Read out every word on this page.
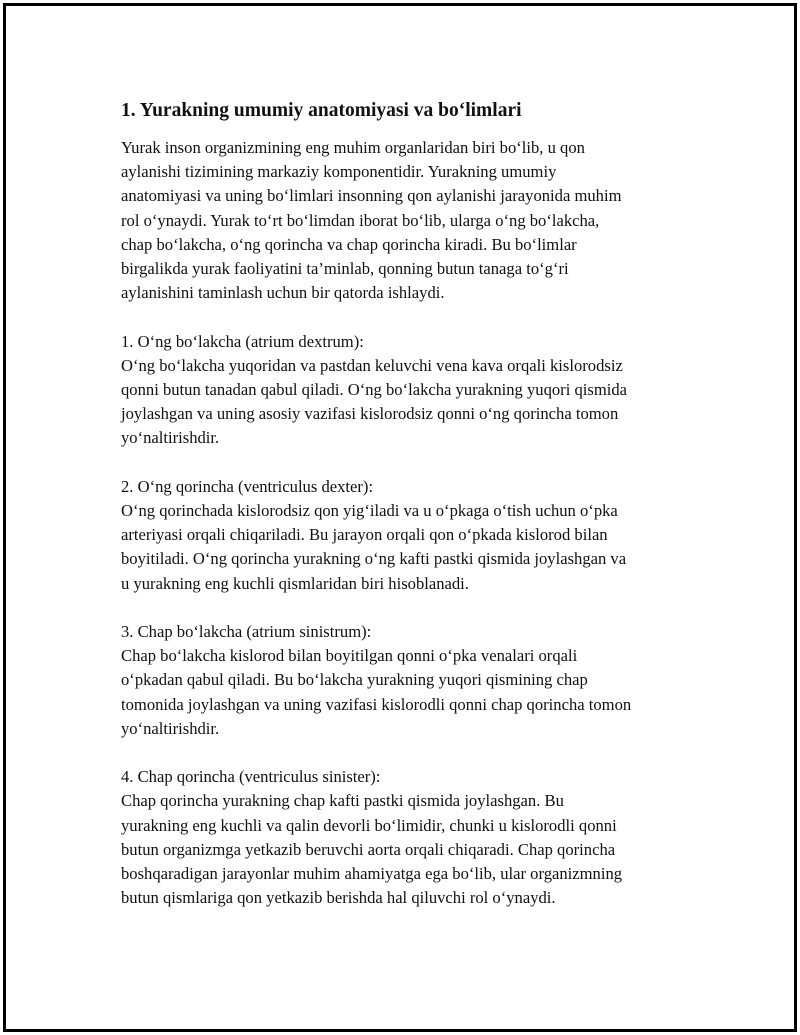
1. Yurakning umumiy anatomiyasi va bo‘limlari

Yurak inson organizmining eng muhim organlaridan biri bo‘lib, u qon
aylanishi tizimining markaziy komponentidir. Yurakning umumiy
anatomiyasi va uning bo‘limlari insonning qon aylanishi jarayonida muhim
rol o‘ynaydi. Yurak to‘rt bo‘limdan iborat bo‘lib, ularga o‘ng bo‘lakcha,
chap bo‘lakcha, o‘ng qorincha va chap qorincha kiradi. Bu bo‘limlar
birgalikda yurak faoliyatini ta’minlab, qonning butun tanaga to‘g‘ri
aylanishini taminlash uchun bir qatorda ishlaydi.

1. O‘ng bo‘lakcha (atrium dextrum):
O‘ng bo‘lakcha yuqoridan va pastdan keluvchi vena kava orqali kislorodsiz
qonni butun tanadan qabul qiladi. O‘ng bo‘lakcha yurakning yuqori qismida
joylashgan va uning asosiy vazifasi kislorodsiz qonni o‘ng qorincha tomon
yo‘naltirishdir.

2. O‘ng qorincha (ventriculus dexter):
O‘ng qorinchada kislorodsiz qon yig‘iladi va u o‘pkaga o‘tish uchun o‘pka
arteriyasi orqali chiqariladi. Bu jarayon orqali qon o‘pkada kislorod bilan
boyitiladi. O‘ng qorincha yurakning o‘ng kafti pastki qismida joylashgan va
u yurakning eng kuchli qismlaridan biri hisoblanadi.

3. Chap bo‘lakcha (atrium sinistrum):
Chap bo‘lakcha kislorod bilan boyitilgan qonni o‘pka venalari orqali
o‘pkadan qabul qiladi. Bu bo‘lakcha yurakning yuqori qismining chap
tomonida joylashgan va uning vazifasi kislorodli qonni chap qorincha tomon
yo‘naltirishdir.

4. Chap qorincha (ventriculus sinister):
Chap qorincha yurakning chap kafti pastki qismida joylashgan. Bu
yurakning eng kuchli va qalin devorli bo‘limidir, chunki u kislorodli qonni
butun organizmga yetkazib beruvchi aorta orqali chiqaradi. Chap qorincha
boshqaradigan jarayonlar muhim ahamiyatga ega bo‘lib, ular organizmning
butun qismlariga qon yetkazib berishda hal qiluvchi rol o‘ynaydi.
